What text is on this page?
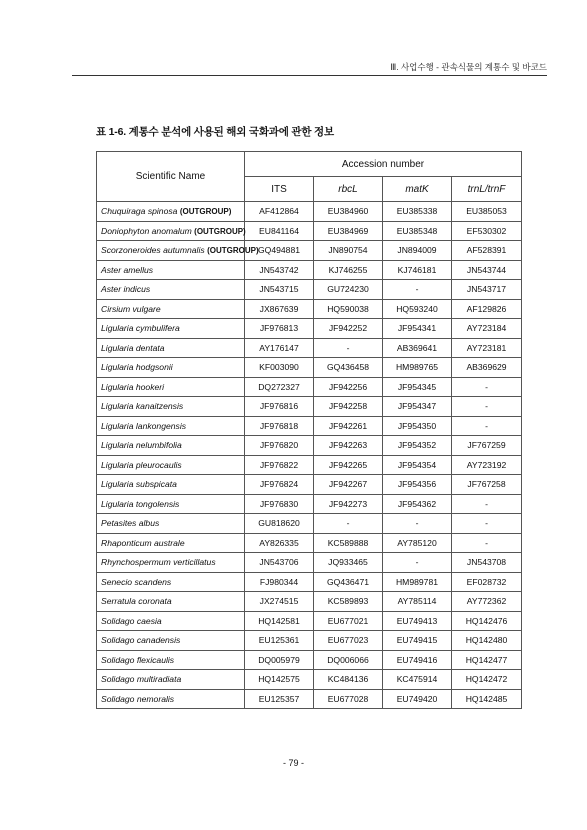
Ⅲ. 사업수행 - 관속식물의 계통수 및 바코드
표 1-6. 계통수 분석에 사용된 해외 국화과에 관한 정보
Scientific Name	Accession number			
	ITS	rbcL	matK	trnL/trnF
Chuquiraga spinosa (OUTGROUP)	AF412864	EU384960	EU385338	EU385053
Doniophyton anomalum (OUTGROUP)	EU841164	EU384969	EU385348	EF530302
Scorzoneroides autumnalis (OUTGROUP)	GQ494881	JN890754	JN894009	AF528391
Aster amellus	JN543742	KJ746255	KJ746181	JN543744
Aster indicus	JN543715	GU724230	-	JN543717
Cirsium vulgare	JX867639	HQ590038	HQ593240	AF129826
Ligularia cymbulifera	JF976813	JF942252	JF954341	AY723184
Ligularia dentata	AY176147	-	AB369641	AY723181
Ligularia hodgsonii	KF003090	GQ436458	HM989765	AB369629
Ligularia hookeri	DQ272327	JF942256	JF954345	-
Ligularia kanaitzensis	JF976816	JF942258	JF954347	-
Ligularia lankongensis	JF976818	JF942261	JF954350	-
Ligularia nelumbifolia	JF976820	JF942263	JF954352	JF767259
Ligularia pleurocaulis	JF976822	JF942265	JF954354	AY723192
Ligularia subspicata	JF976824	JF942267	JF954356	JF767258
Ligularia tongolensis	JF976830	JF942273	JF954362	-
Petasites albus	GU818620	-	-	-
Rhaponticum australe	AY826335	KC589888	AY785120	-
Rhynchospermum verticillatus	JN543706	JQ933465	-	JN543708
Senecio scandens	FJ980344	GQ436471	HM989781	EF028732
Serratula coronata	JX274515	KC589893	AY785114	AY772362
Solidago caesia	HQ142581	EU677021	EU749413	HQ142476
Solidago canadensis	EU125361	EU677023	EU749415	HQ142480
Solidago flexicaulis	DQ005979	DQ006066	EU749416	HQ142477
Solidago multiradiata	HQ142575	KC484136	KC475914	HQ142472
Solidago nemoralis	EU125357	EU677028	EU749420	HQ142485
- 79 -
